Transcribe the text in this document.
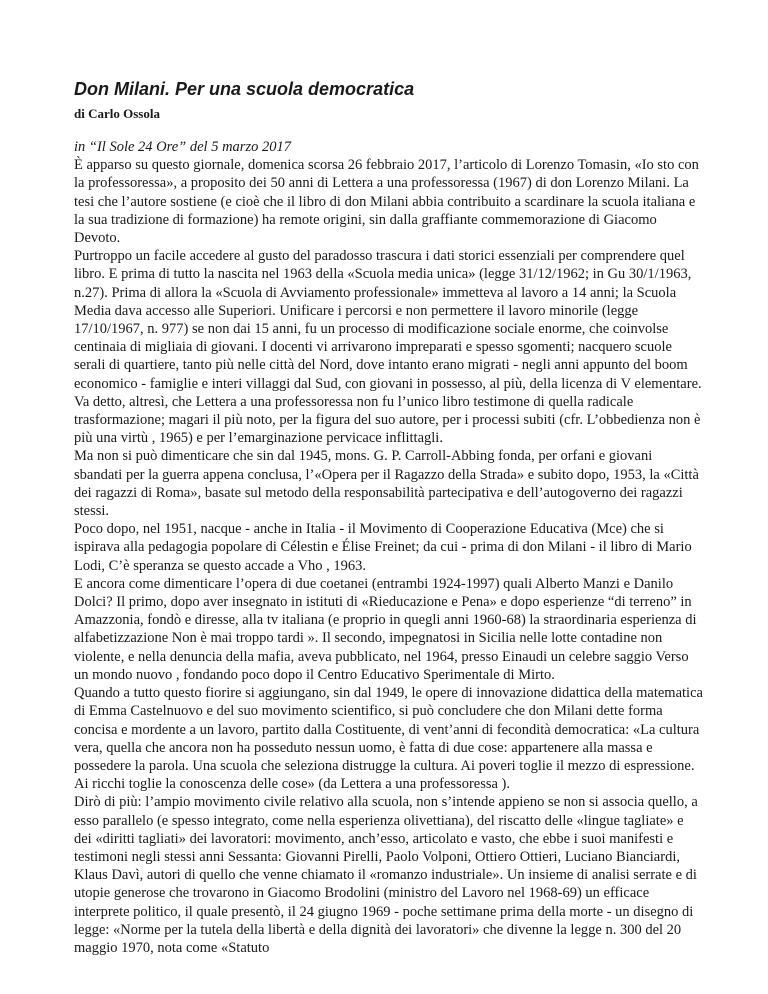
Don Milani. Per una scuola democratica
di Carlo Ossola
in “Il Sole 24 Ore” del 5 marzo 2017

È apparso su questo giornale, domenica scorsa 26 febbraio 2017, l’articolo di Lorenzo Tomasin, «Io sto con la professoressa», a proposito dei 50 anni di Lettera a una professoressa (1967) di don Lorenzo Milani. La tesi che l’autore sostiene (e cioè che il libro di don Milani abbia contribuito a scardinare la scuola italiana e la sua tradizione di formazione) ha remote origini, sin dalla graffiante commemorazione di Giacomo Devoto.

Purtroppo un facile accedere al gusto del paradosso trascura i dati storici essenziali per comprendere quel libro. E prima di tutto la nascita nel 1963 della «Scuola media unica» (legge 31/12/1962; in Gu 30/1/1963, n.27). Prima di allora la «Scuola di Avviamento professionale» immetteva al lavoro a 14 anni; la Scuola Media dava accesso alle Superiori. Unificare i percorsi e non permettere il lavoro minorile (legge 17/10/1967, n. 977) se non dai 15 anni, fu un processo di modificazione sociale enorme, che coinvolse centinaia di migliaia di giovani. I docenti vi arrivarono impreparati e spesso sgomenti; nacquero scuole serali di quartiere, tanto più nelle città del Nord, dove intanto erano migrati - negli anni appunto del boom economico - famiglie e interi villaggi dal Sud, con giovani in possesso, al più, della licenza di V elementare.

Va detto, altresì, che Lettera a una professoressa non fu l’unico libro testimone di quella radicale trasformazione; magari il più noto, per la figura del suo autore, per i processi subiti (cfr. L’obbedienza non è più una virtù , 1965) e per l’emarginazione pervicace inflittagli.

Ma non si può dimenticare che sin dal 1945, mons. G. P. Carroll-Abbing fonda, per orfani e giovani sbandati per la guerra appena conclusa, l’«Opera per il Ragazzo della Strada» e subito dopo, 1953, la «Città dei ragazzi di Roma», basate sul metodo della responsabilità partecipativa e dell’autogoverno dei ragazzi stessi.

Poco dopo, nel 1951, nacque - anche in Italia - il Movimento di Cooperazione Educativa (Mce) che si ispirava alla pedagogia popolare di Célestin e Élise Freinet; da cui - prima di don Milani - il libro di Mario Lodi, C’è speranza se questo accade a Vho , 1963.

E ancora come dimenticare l’opera di due coetanei (entrambi 1924-1997) quali Alberto Manzi e Danilo Dolci? Il primo, dopo aver insegnato in istituti di «Rieducazione e Pena» e dopo esperienze “di terreno” in Amazzonia, fondò e diresse, alla tv italiana (e proprio in quegli anni 1960-68) la straordinaria esperienza di alfabetizzazione Non è mai troppo tardi ». Il secondo, impegnatosi in Sicilia nelle lotte contadine non violente, e nella denuncia della mafia, aveva pubblicato, nel 1964, presso Einaudi un celebre saggio Verso un mondo nuovo , fondando poco dopo il Centro Educativo Sperimentale di Mirto.

Quando a tutto questo fiorire si aggiungano, sin dal 1949, le opere di innovazione didattica della matematica di Emma Castelnuovo e del suo movimento scientifico, si può concludere che don Milani dette forma concisa e mordente a un lavoro, partito dalla Costituente, di vent’anni di fecondità democratica: «La cultura vera, quella che ancora non ha posseduto nessun uomo, è fatta di due cose: appartenere alla massa e possedere la parola. Una scuola che seleziona distrugge la cultura. Ai poveri toglie il mezzo di espressione. Ai ricchi toglie la conoscenza delle cose» (da Lettera a una professoressa ).

Dirò di più: l’ampio movimento civile relativo alla scuola, non s’intende appieno se non si associa quello, a esso parallelo (e spesso integrato, come nella esperienza olivettiana), del riscatto delle «lingue tagliate» e dei «diritti tagliati» dei lavoratori: movimento, anch’esso, articolato e vasto, che ebbe i suoi manifesti e testimoni negli stessi anni Sessanta: Giovanni Pirelli, Paolo Volponi, Ottiero Ottieri, Luciano Bianciardi, Klaus Davì, autori di quello che venne chiamato il «romanzo industriale». Un insieme di analisi serrate e di utopie generose che trovarono in Giacomo Brodolini (ministro del Lavoro nel 1968-69) un efficace interprete politico, il quale presentò, il 24 giugno 1969 - poche settimane prima della morte - un disegno di legge: «Norme per la tutela della libertà e della dignità dei lavoratori» che divenne la legge n. 300 del 20 maggio 1970, nota come «Statuto
